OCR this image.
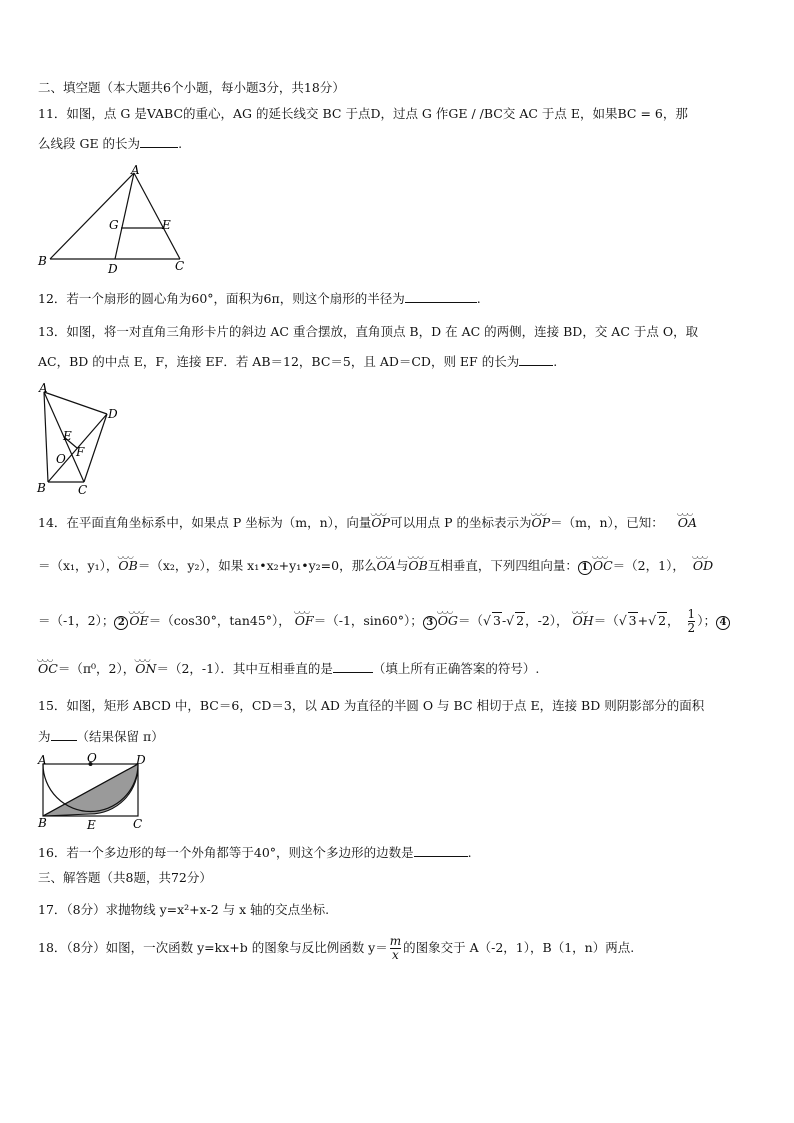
二、填空题（本大题共6个小题，每小题3分，共18分）
11．如图，点 G 是VABC的重心，AG 的延长线交 BC 于点D，过点 G 作GE / /BC交 AC 于点 E，如果BC = 6，那
么线段 GE 的长为	.
A
B	C
D
G	E
12．若一个扇形的圆心角为60°，面积为6π，则这个扇形的半径为	.
13．如图，将一对直角三角形卡片的斜边 AC 重合摆放，直角顶点 B，D 在 AC 的两侧，连接 BD，交 AC 于点 O，取
AC，BD 的中点 E，F，连接 EF．若 AB＝12，BC＝5，且 AD＝CD，则 EF 的长为	.
A
B	C
D
E
F
O
14．在平面直角坐标系中，如果点 P 坐标为（m，n），向量◡◡◡ OP可以用点 P 的坐标表示为◡◡◡ OP＝（m，n），已知： ◡◡◡ OA
＝（x₁，y₁），◡◡◡ OB＝（x₂，y₂），如果 x₁•x₂+y₁•y₂=0，那么◡◡◡ OA与◡◡◡ OB互相垂直，下列四组向量： 1 ◡◡◡ OC＝（2，1）， ◡◡◡ OD
＝（-1，2）； 2 ◡◡◡ OE＝（cos30°，tan45°）， ◡◡◡ OF＝（-1，sin60°）； 3 ◡◡◡ OG＝（√ 3-√ 2，-2）， ◡◡◡ OH＝（√ 3+√ 2， $\frac{1}{2}$ ）； 4
◡◡◡ OC＝（π⁰，2），◡◡◡ ON＝（2，-1）．其中互相垂直的是	（填上所有正确答案的符号）.
15．如图，矩形 ABCD 中，BC＝6，CD＝3，以 AD 为直径的半圆 O 与 BC 相切于点 E，连接 BD 则阴影部分的面积
为 （结果保留 π）
A	O	D
B	E	C
16．若一个多边形的每一个外角都等于40°，则这个多边形的边数是	.
三、解答题（共8题，共72分）
17．（8分）求抛物线 y=x²+x-2 与 x 轴的交点坐标.
18．（8分）如图，一次函数 y=kx+b 的图象与反比例函数 $y= \frac{m}{x}$ 的图象交于 A（-2，1），B（1，n）两点.
